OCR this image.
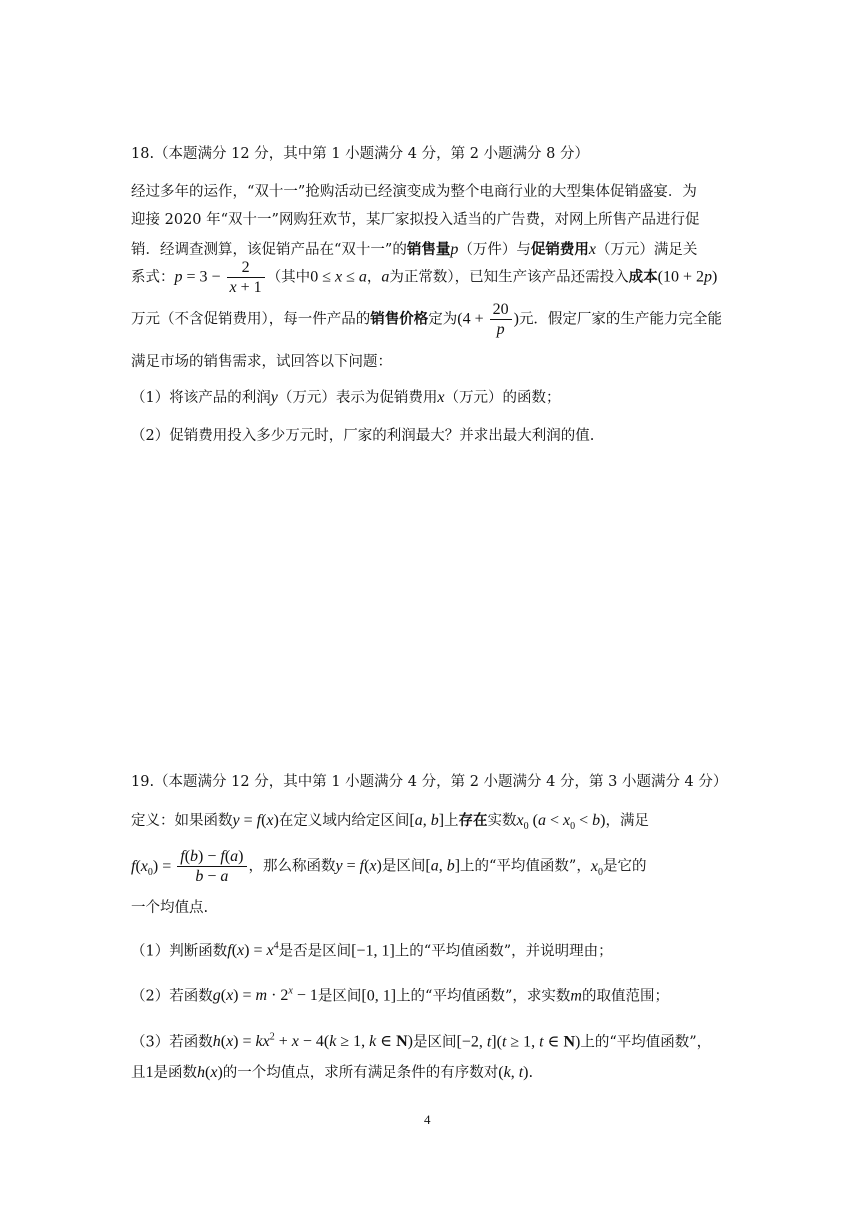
18.（本题满分 12 分，其中第 1 小题满分 4 分，第 2 小题满分 8 分）
经过多年的运作，“双十一”抢购活动已经演变成为整个电商行业的大型集体促销盛宴．为
迎接 2020 年“双十一”网购狂欢节，某厂家拟投入适当的广告费，对网上所售产品进行促
销．经调查测算，该促销产品在“双十一”的销售量p（万件）与促销费用x（万元）满足关
系式：$p = 3 - \frac{2}{x + 1}$ （其中0 ≤ x ≤ a，a为正常数），已知生产该产品还需投入成本(10 + 2p)
万元（不含促销费用），每一件产品的销售价格定为($4 + \frac{20}{p}$ )元．假定厂家的生产能力完全能
满足市场的销售需求，试回答以下问题：
（1）将该产品的利润y（万元）表示为促销费用x（万元）的函数；
（2）促销费用投入多少万元时，厂家的利润最大？并求出最大利润的值.
19.（本题满分 12 分，其中第 1 小题满分 4 分，第 2 小题满分 4 分，第 3 小题满分 4 分）
定义：如果函数y = f(x)在定义域内给定区间[a, b]上存在实数$x_0$ $(a < x_0 < b)$，满足
$f(x_0) = \frac{f(b) - f(a)}{b - a}$ ，那么称函数y = f(x)是区间[a, b]上的“平均值函数”，$x_0$是它的
一个均值点.
（1）判断函数$f(x) = x^4$是否是区间[−1, 1]上的“平均值函数”，并说明理由；
（2）若函数$g(x) = m \cdot 2^x - 1$是区间[0, 1]上的“平均值函数”，求实数m的取值范围；
（3）若函数$h(x) = kx^2 + x - 4(k \ge 1$, k ∈ N)是区间[−2, t](t ≥ 1, t ∈ N)上的“平均值函数”，
且1是函数h(x)的一个均值点，求所有满足条件的有序数对(k, t).
4
